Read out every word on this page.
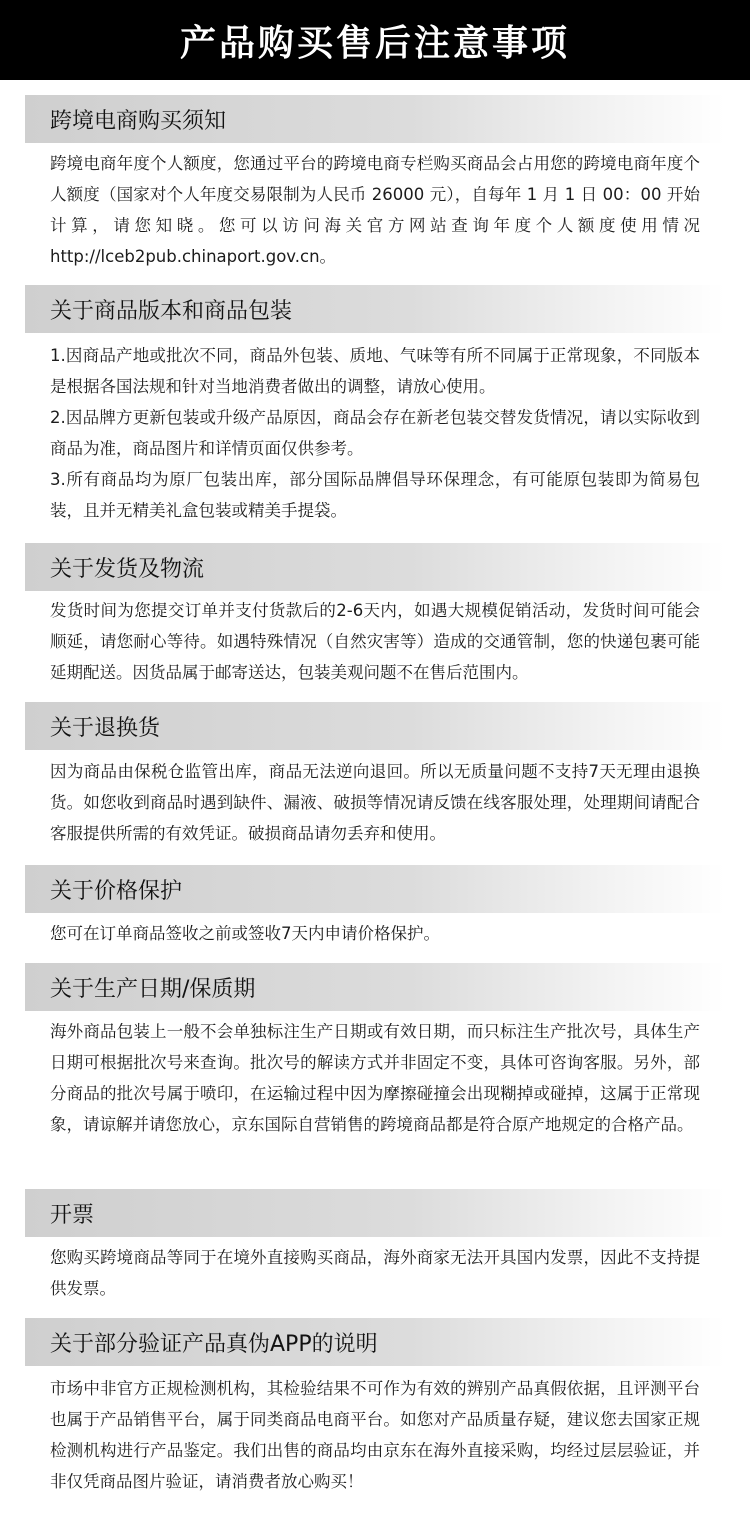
产品购买售后注意事项
跨境电商购买须知

跨境电商年度个人额度，您通过平台的跨境电商专栏购买商品会占用您的跨境电商年度个人额度（国家对个人年度交易限制为人民币 26000 元），自每年 1 月 1 日 00：00 开始计算，请您知晓。您可以访问海关官方网站查询年度个人额度使用情况 http://lceb2pub.chinaport.gov.cn。

关于商品版本和商品包装

1.因商品产地或批次不同，商品外包装、质地、气味等有所不同属于正常现象，不同版本是根据各国法规和针对当地消费者做出的调整，请放心使用。

2.因品牌方更新包装或升级产品原因，商品会存在新老包装交替发货情况，请以实际收到商品为准，商品图片和详情页面仅供参考。

3.所有商品均为原厂包装出库，部分国际品牌倡导环保理念，有可能原包装即为简易包装，且并无精美礼盒包装或精美手提袋。

关于发货及物流

发货时间为您提交订单并支付货款后的2-6天内，如遇大规模促销活动，发货时间可能会顺延，请您耐心等待。如遇特殊情况（自然灾害等）造成的交通管制，您的快递包裹可能延期配送。因货品属于邮寄送达，包装美观问题不在售后范围内。

关于退换货

因为商品由保税仓监管出库，商品无法逆向退回。所以无质量问题不支持7天无理由退换货。如您收到商品时遇到缺件、漏液、破损等情况请反馈在线客服处理，处理期间请配合客服提供所需的有效凭证。破损商品请勿丢弃和使用。

关于价格保护

您可在订单商品签收之前或签收7天内申请价格保护。

关于生产日期/保质期

海外商品包装上一般不会单独标注生产日期或有效日期，而只标注生产批次号，具体生产日期可根据批次号来查询。批次号的解读方式并非固定不变，具体可咨询客服。另外，部分商品的批次号属于喷印，在运输过程中因为摩擦碰撞会出现糊掉或碰掉，这属于正常现象，请谅解并请您放心，京东国际自营销售的跨境商品都是符合原产地规定的合格产品。

开票

您购买跨境商品等同于在境外直接购买商品，海外商家无法开具国内发票，因此不支持提供发票。

关于部分验证产品真伪APP的说明

市场中非官方正规检测机构，其检验结果不可作为有效的辨别产品真假依据，且评测平台也属于产品销售平台，属于同类商品电商平台。如您对产品质量存疑，建议您去国家正规检测机构进行产品鉴定。我们出售的商品均由京东在海外直接采购，均经过层层验证，并非仅凭商品图片验证，请消费者放心购买！
